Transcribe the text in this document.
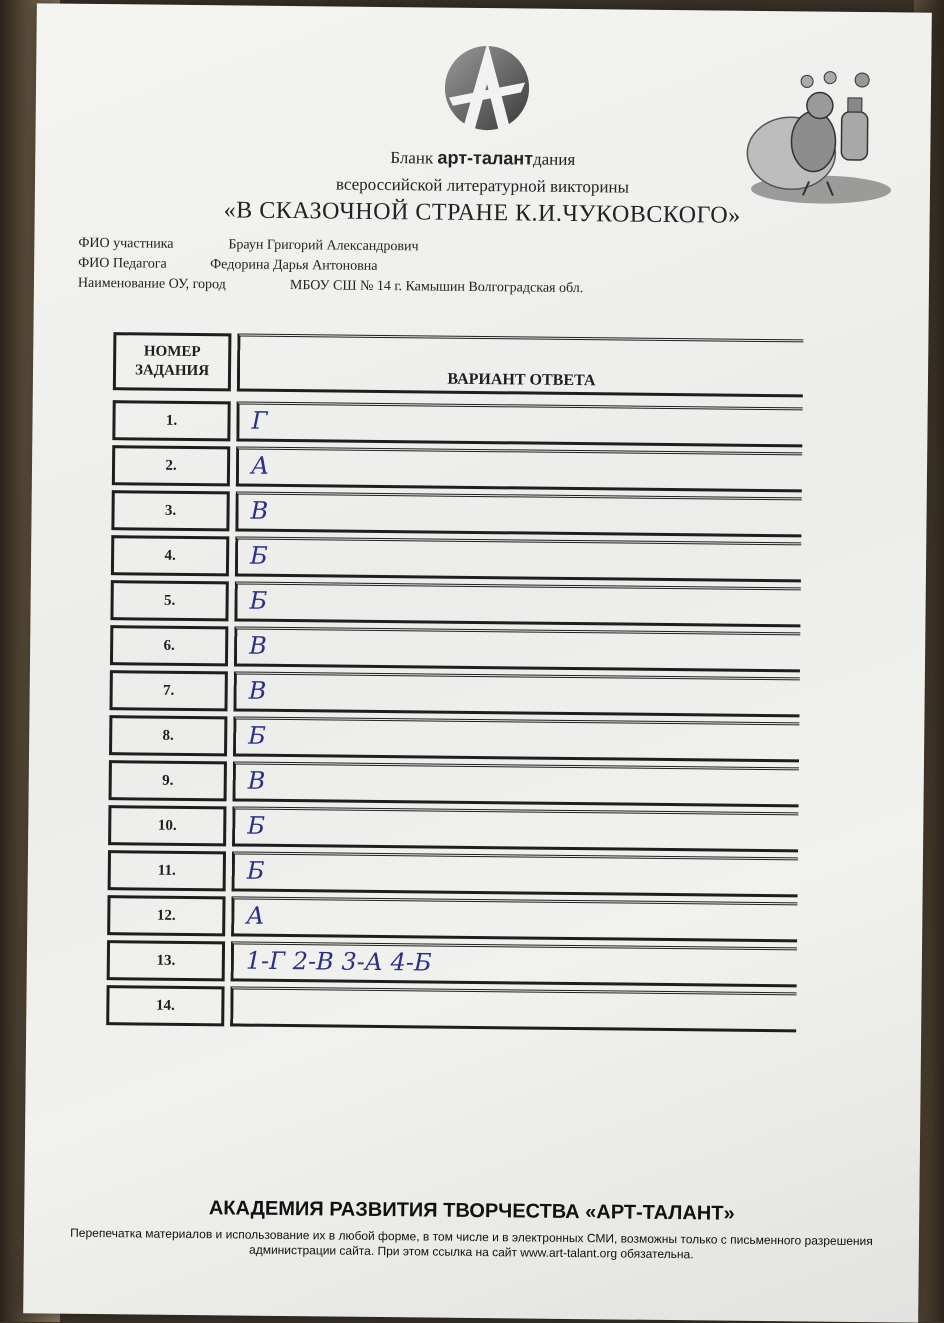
Бланк арт-талантдания
всероссийской литературной викторины
«В СКАЗОЧНОЙ СТРАНЕ К.И.ЧУКОВСКОГО»
ФИО участника	Браун Григорий Александрович
ФИО Педагога	Федорина Дарья Антоновна
Наименование ОУ, город	МБОУ СШ № 14 г. Камышин Волгоградская обл.
НОМЕР
ЗАДАНИЯ	ВАРИАНТ ОТВЕТА
1.	Г
2.	А
3.	В
4.	Б
5.	Б
6.	В
7.	В
8.	Б
9.	В
10.	Б
11.	Б
12.	А
13.	1-Г 2-В 3-А 4-Б
14.
АКАДЕМИЯ РАЗВИТИЯ ТВОРЧЕСТВА «АРТ-ТАЛАНТ»
Перепечатка материалов и использование их в любой форме, в том числе и в электронных СМИ, возможны только с письменного разрешения администрации сайта. При этом ссылка на сайт www.art-talant.org обязательна.
